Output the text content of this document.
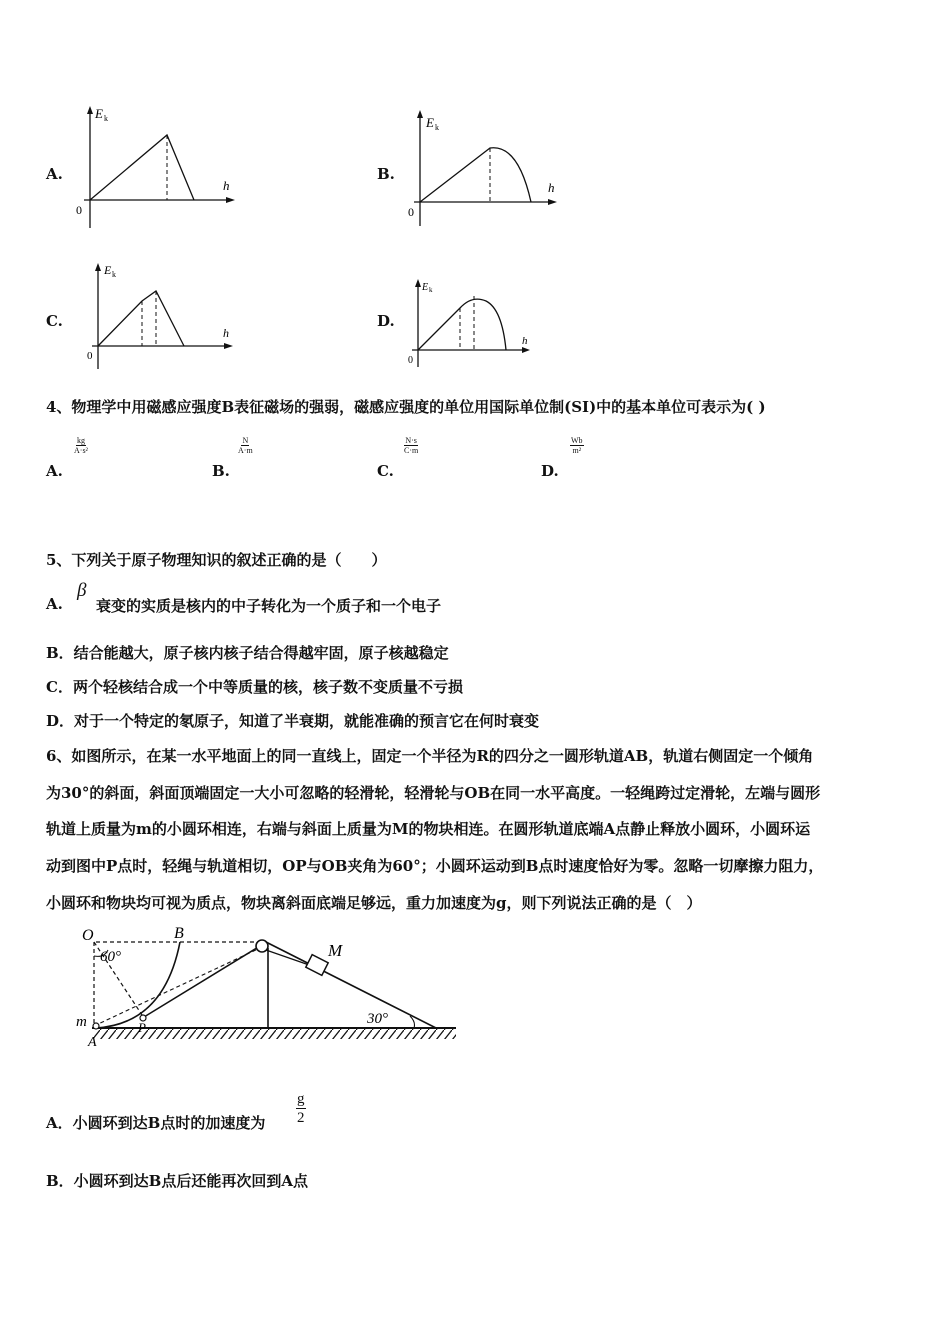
A.
E k
h
0
B.
E k
h
0
C.
E k
h
0
D.
E k
h
0
4、物理学中用磁感应强度B表征磁场的强弱，磁感应强度的单位用国际单位制(SI)中的基本单位可表示为( )
A.
$\frac{kg}{\text{A·s²}}$
B.
$\frac{N}{A\cdot m}$
C.
$\frac{N\cdot s}{C\cdot m}$
D.
$\frac{Wb}{\text{m²}}$
5、下列关于原子物理知识的叙述正确的是（　　）
A.
β
衰变的实质是核内的中子转化为一个质子和一个电子
B．结合能越大，原子核内核子结合得越牢固，原子核越稳定
C．两个轻核结合成一个中等质量的核，核子数不变质量不亏损
D．对于一个特定的氡原子，知道了半衰期，就能准确的预言它在何时衰变
6、如图所示，在某一水平地面上的同一直线上，固定一个半径为R的四分之一圆形轨道AB，轨道右侧固定一个倾角
为30°的斜面，斜面顶端固定一大小可忽略的轻滑轮，轻滑轮与OB在同一水平高度。一轻绳跨过定滑轮，左端与圆形
轨道上质量为m的小圆环相连，右端与斜面上质量为M的物块相连。在圆形轨道底端A点静止释放小圆环，小圆环运
动到图中P点时，轻绳与轨道相切，OP与OB夹角为60°；小圆环运动到B点时速度恰好为零。忽略一切摩擦力阻力，
小圆环和物块均可视为质点，物块离斜面底端足够远，重力加速度为g，则下列说法正确的是（　）
O
60°
B
M
m
A
P
30°
A．小圆环到达B点时的加速度为 $\frac{g}{2}$
B．小圆环到达B点后还能再次回到A点
